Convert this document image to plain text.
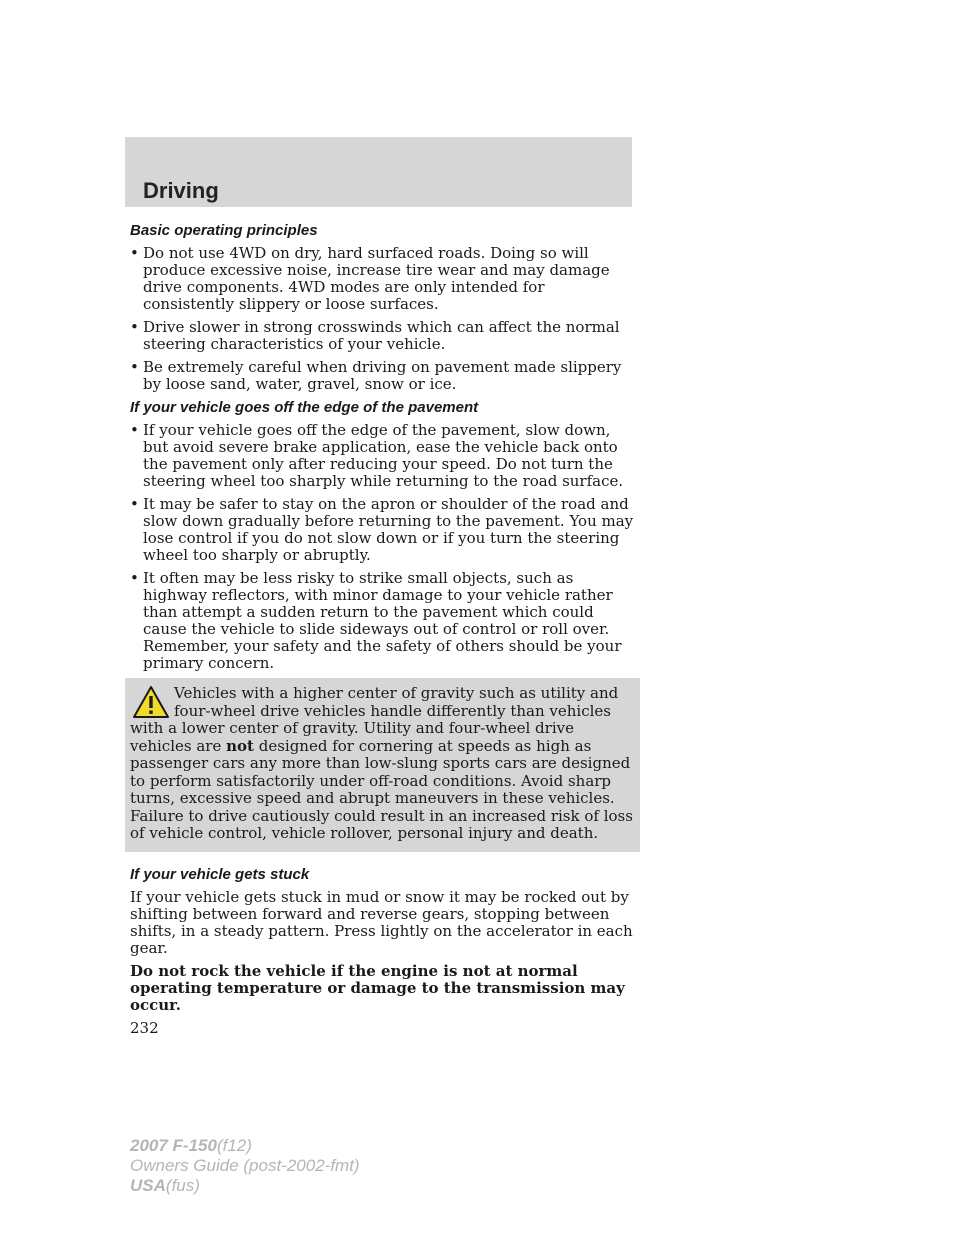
Driving
Basic operating principles
• Do not use 4WD on dry, hard surfaced roads. Doing so will produce excessive noise, increase tire wear and may damage drive components. 4WD modes are only intended for consistently slippery or loose surfaces.
• Drive slower in strong crosswinds which can affect the normal steering characteristics of your vehicle.
• Be extremely careful when driving on pavement made slippery by loose sand, water, gravel, snow or ice.
If your vehicle goes off the edge of the pavement
• If your vehicle goes off the edge of the pavement, slow down, but avoid severe brake application, ease the vehicle back onto the pavement only after reducing your speed. Do not turn the steering wheel too sharply while returning to the road surface.
• It may be safer to stay on the apron or shoulder of the road and slow down gradually before returning to the pavement. You may lose control if you do not slow down or if you turn the steering wheel too sharply or abruptly.
• It often may be less risky to strike small objects, such as highway reflectors, with minor damage to your vehicle rather than attempt a sudden return to the pavement which could cause the vehicle to slide sideways out of control or roll over. Remember, your safety and the safety of others should be your primary concern.
Vehicles with a higher center of gravity such as utility and four-wheel drive vehicles handle differently than vehicles with a lower center of gravity. Utility and four-wheel drive vehicles are not designed for cornering at speeds as high as passenger cars any more than low-slung sports cars are designed to perform satisfactorily under off-road conditions. Avoid sharp turns, excessive speed and abrupt maneuvers in these vehicles. Failure to drive cautiously could result in an increased risk of loss of vehicle control, vehicle rollover, personal injury and death.
If your vehicle gets stuck

If your vehicle gets stuck in mud or snow it may be rocked out by shifting between forward and reverse gears, stopping between shifts, in a steady pattern. Press lightly on the accelerator in each gear.

Do not rock the vehicle if the engine is not at normal operating temperature or damage to the transmission may occur.

232
2007 F-150(f12)
Owners Guide (post-2002-fmt)
USA(fus)
